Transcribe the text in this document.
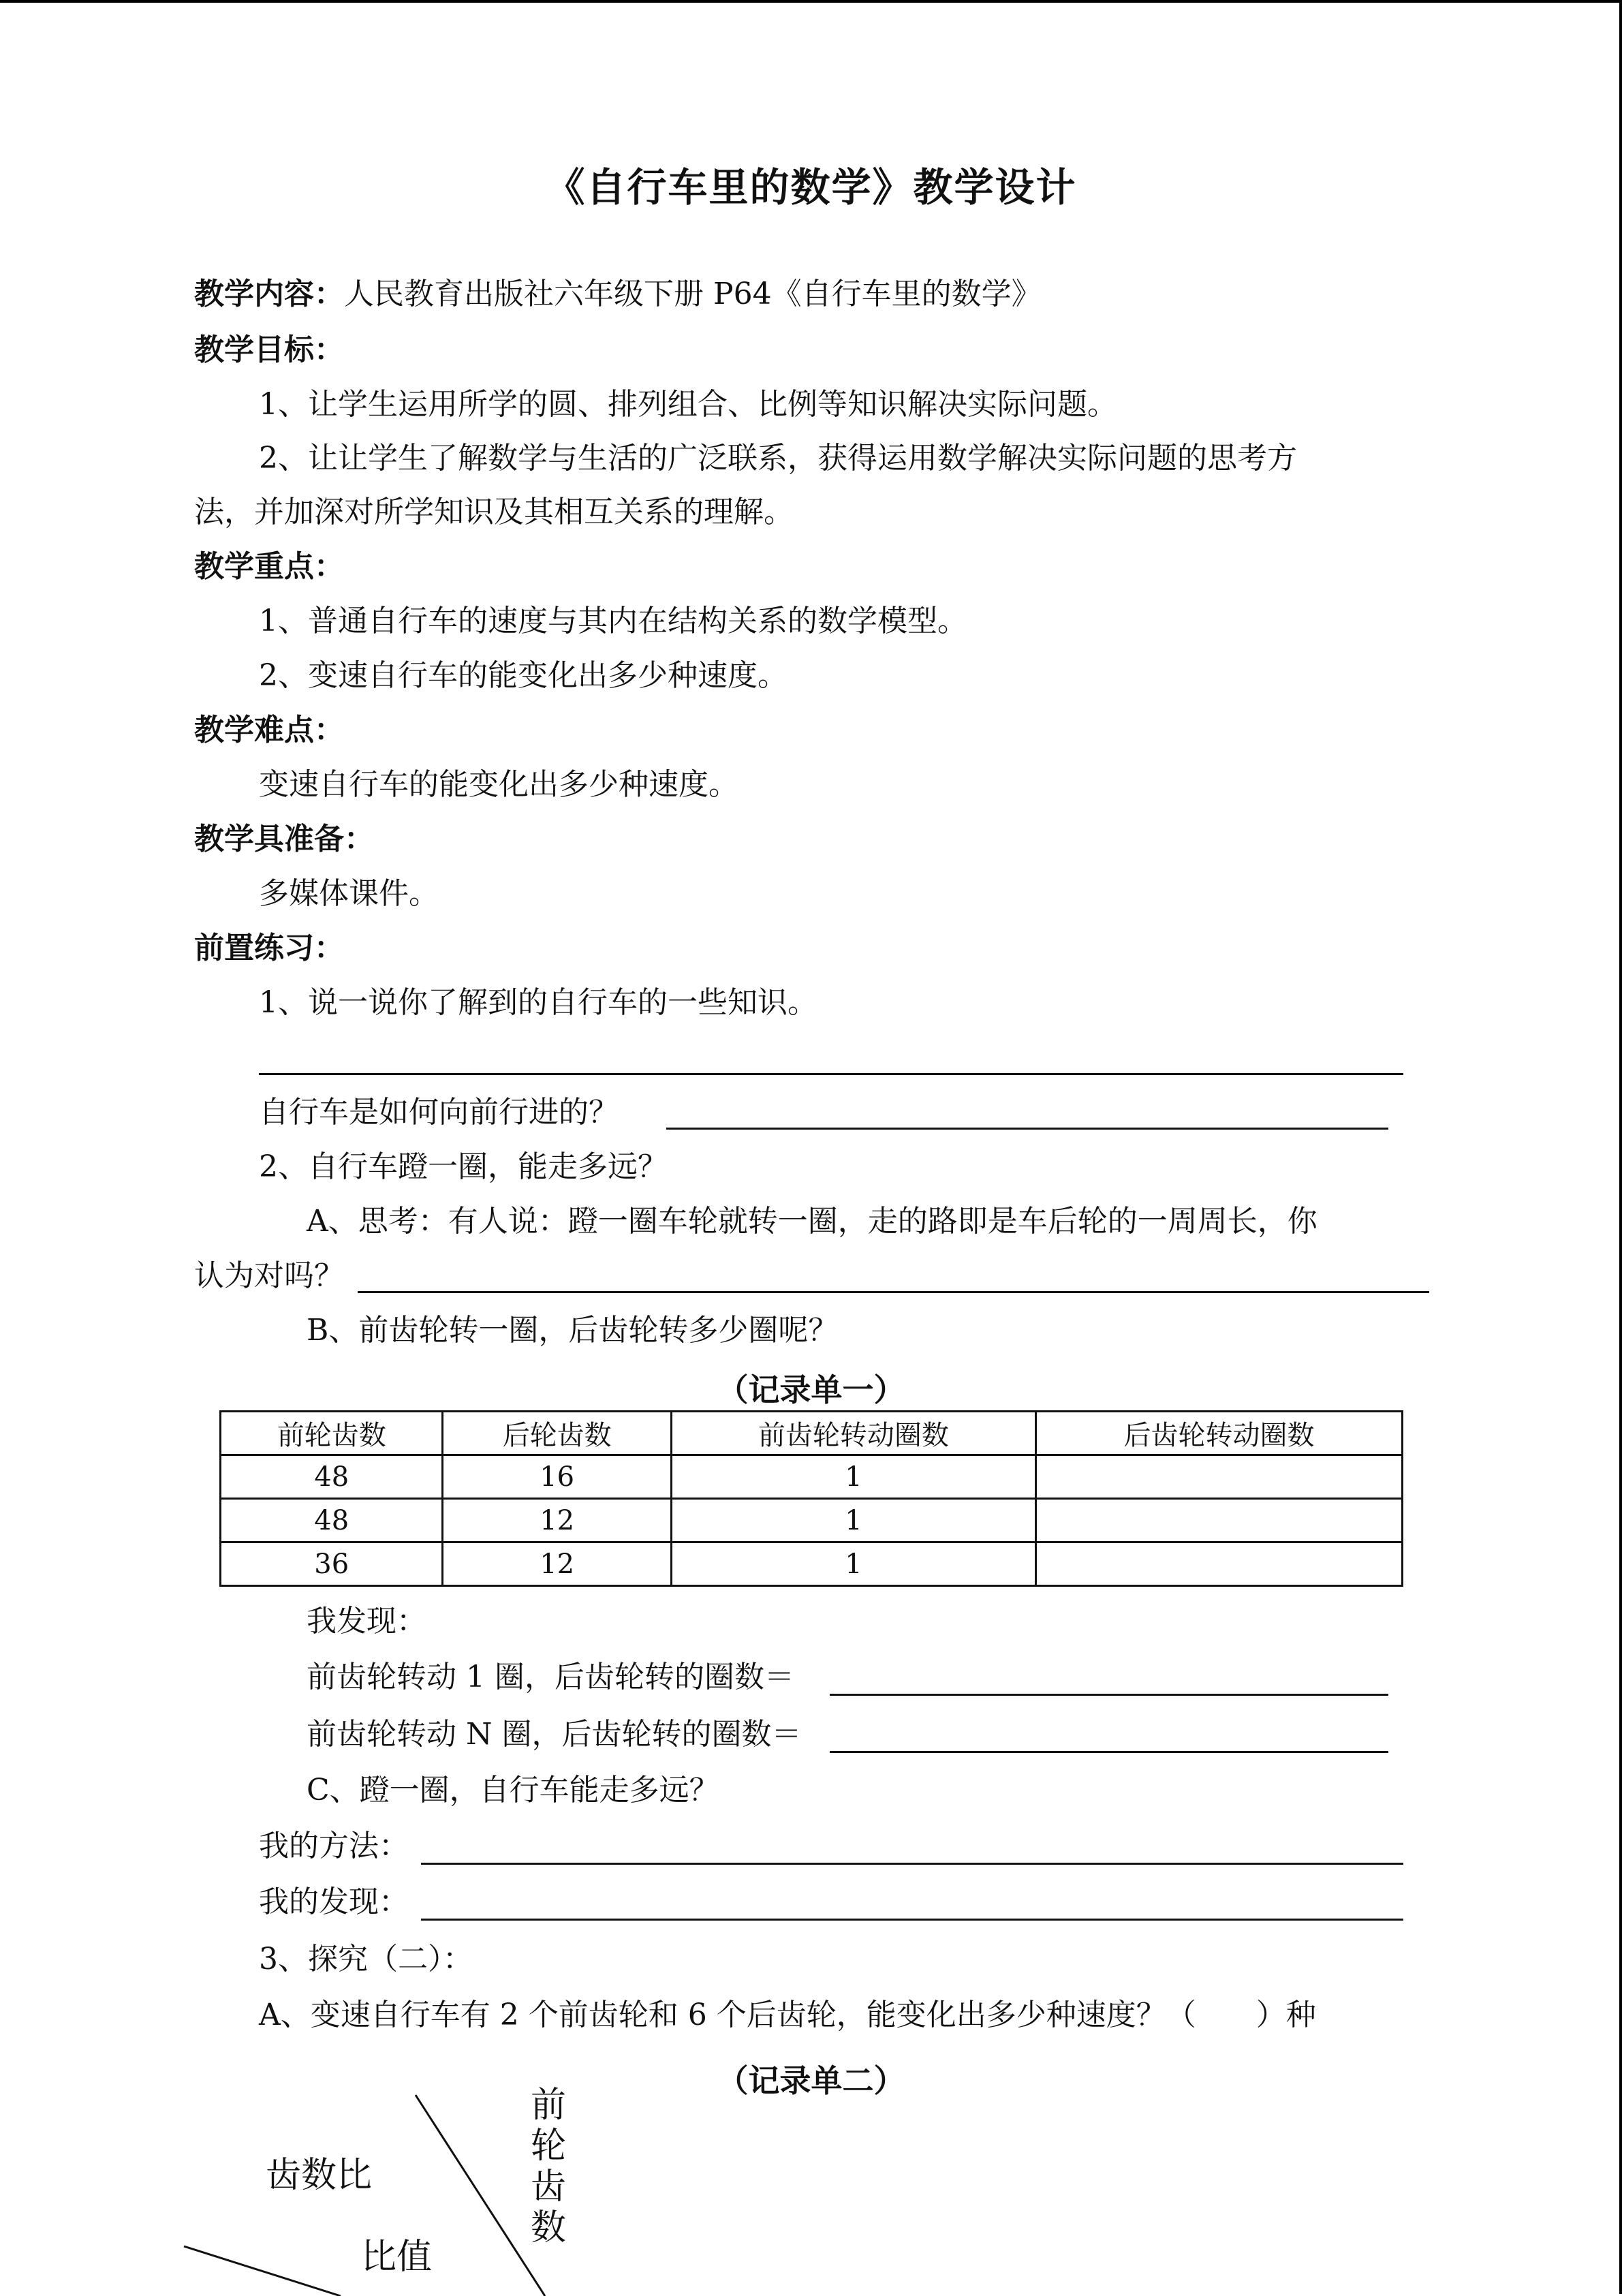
《自行车里的数学》教学设计
教学内容：人民教育出版社六年级下册 P64《自行车里的数学》
教学目标：
1、让学生运用所学的圆、排列组合、比例等知识解决实际问题。
2、让让学生了解数学与生活的广泛联系，获得运用数学解决实际问题的思考方
法，并加深对所学知识及其相互关系的理解。
教学重点：
1、普通自行车的速度与其内在结构关系的数学模型。
2、变速自行车的能变化出多少种速度。
教学难点：
变速自行车的能变化出多少种速度。
教学具准备：
多媒体课件。
前置练习：
1、说一说你了解到的自行车的一些知识。
自行车是如何向前行进的？
2、自行车蹬一圈，能走多远？
A、思考：有人说：蹬一圈车轮就转一圈，走的路即是车后轮的一周周长，你
认为对吗？
B、前齿轮转一圈，后齿轮转多少圈呢？
（记录单一）
前轮齿数	后轮齿数	前齿轮转动圈数	后齿轮转动圈数
48	16	1	
48	12	1	
36	12	1	
我发现：
前齿轮转动 1 圈，后齿轮转的圈数＝
前齿轮转动 N 圈，后齿轮转的圈数＝
C、蹬一圈，自行车能走多远？
我的方法：
我的发现：
3、探究（二）：
A、变速自行车有 2 个前齿轮和 6 个后齿轮，能变化出多少种速度？（　　）种
（记录单二）
齿数比
比值
前
轮
齿
数
